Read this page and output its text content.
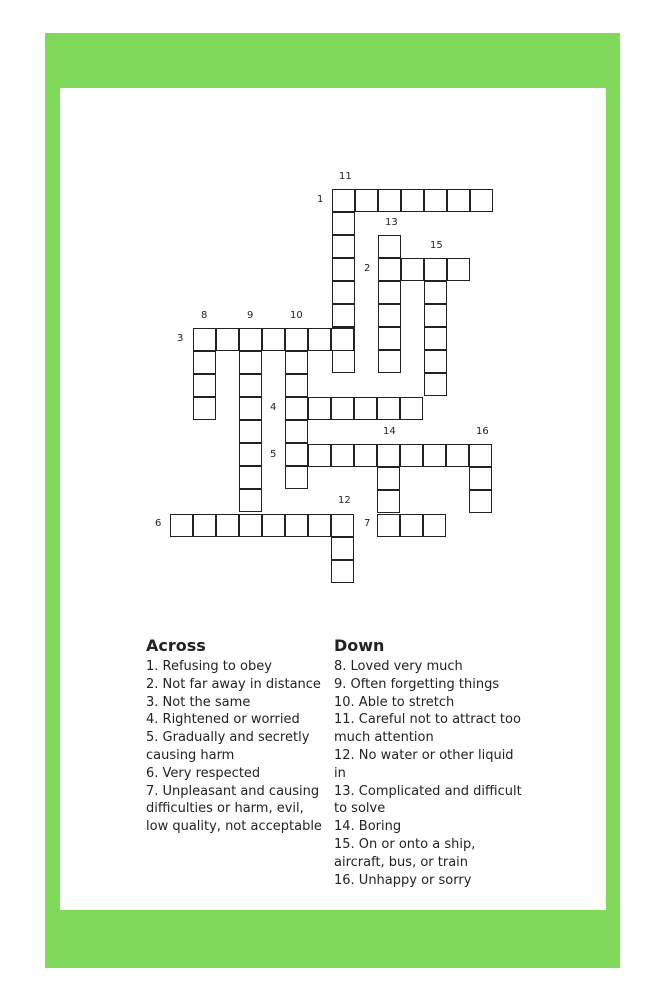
11
1
13
15
2
8	9	10
3
4
14	16
5
12
6	7
Across

1. Refusing to obey

2. Not far away in distance

3. Not the same

4. Rightened or worried

5. Gradually and secretly causing harm

6. Very respected

7. Unpleasant and causing difficulties or harm, evil, low quality, not acceptable

Down

8. Loved very much

9. Often forgetting things

10. Able to stretch

11. Careful not to attract too much attention

12. No water or other liquid in

13. Complicated and difficult to solve

14. Boring

15. On or onto a ship, aircraft, bus, or train

16. Unhappy or sorry
